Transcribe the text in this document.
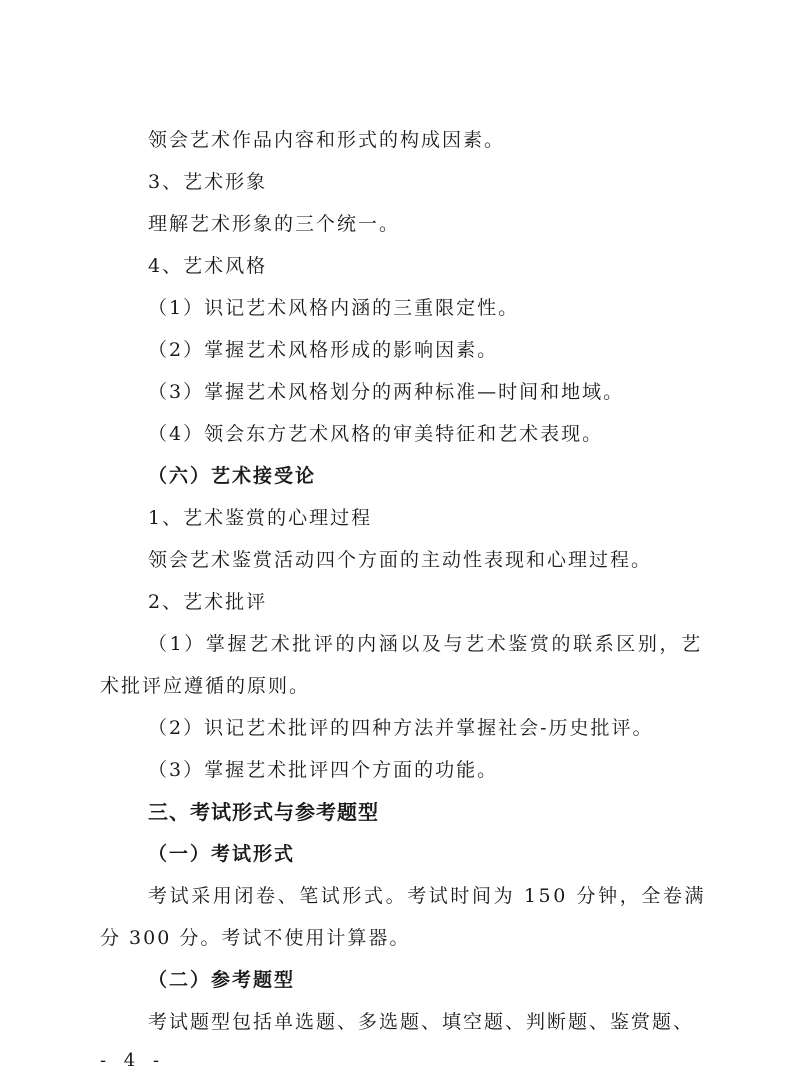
领会艺术作品内容和形式的构成因素。
3、艺术形象
理解艺术形象的三个统一。
4、艺术风格
（1）识记艺术风格内涵的三重限定性。
（2）掌握艺术风格形成的影响因素。
（3）掌握艺术风格划分的两种标准—时间和地域。
（4）领会东方艺术风格的审美特征和艺术表现。
（六）艺术接受论
1、艺术鉴赏的心理过程
领会艺术鉴赏活动四个方面的主动性表现和心理过程。
2、艺术批评
（1）掌握艺术批评的内涵以及与艺术鉴赏的联系区别，艺
术批评应遵循的原则。
（2）识记艺术批评的四种方法并掌握社会-历史批评。
（3）掌握艺术批评四个方面的功能。
三、考试形式与参考题型
（一）考试形式
考试采用闭卷、笔试形式。考试时间为 150 分钟，全卷满
分 300 分。考试不使用计算器。
（二）参考题型
考试题型包括单选题、多选题、填空题、判断题、鉴赏题、
- 4 -
